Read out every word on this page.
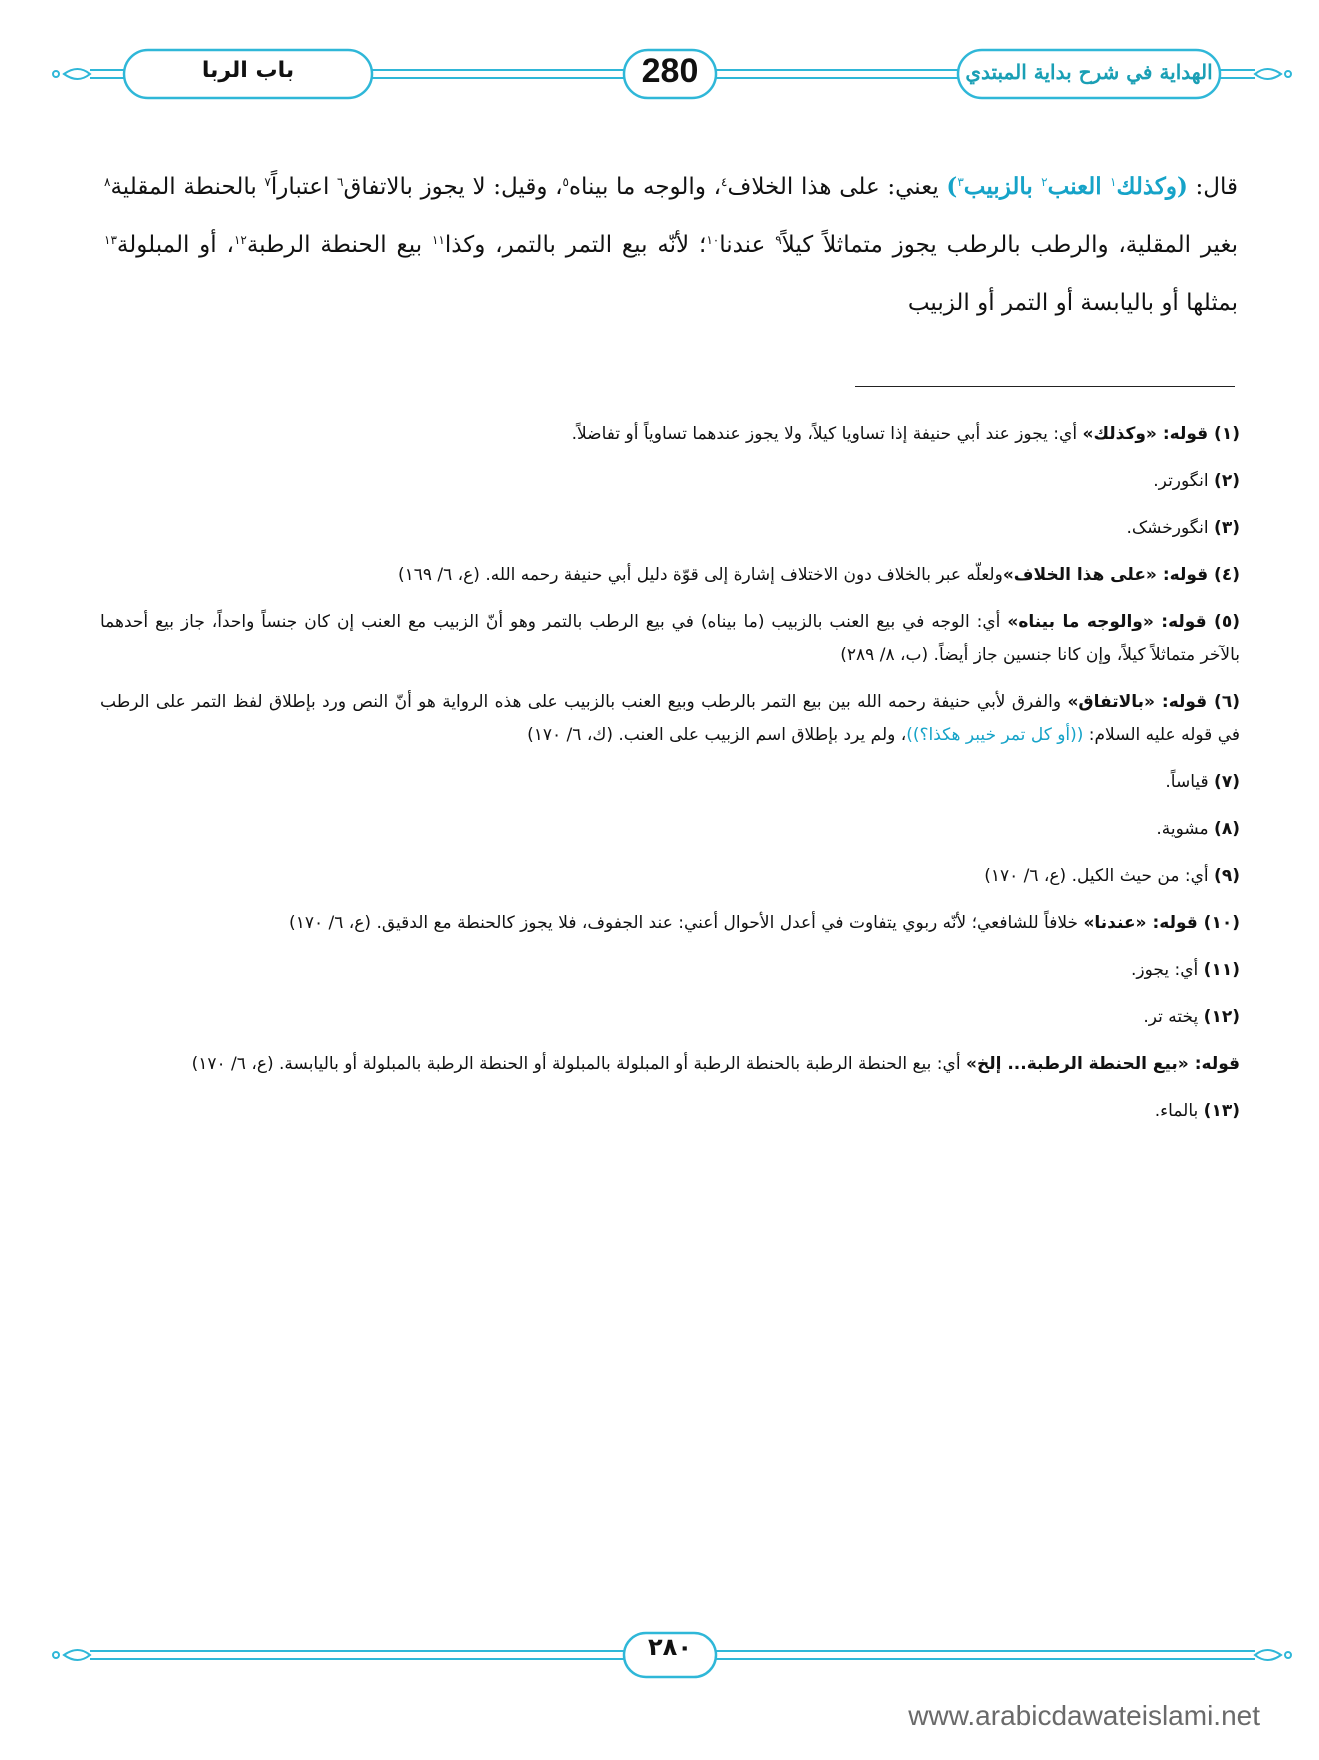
باب الربا	280	الهداية في شرح بداية المبتدي
قال: (وكذلك$^١$ العنب$^٢$ بالزبيب$^٣$) يعني: على هذا الخلاف$^٤$، والوجه ما بيناه$^٥$، وقيل: لا يجوز بالاتفاق$^٦$ اعتباراً$^٧$ بالحنطة المقلية$^٨$ بغير المقلية، والرطب بالرطب يجوز متماثلاً كيلاً$^٩$ عندنا$^{١٠}$؛ لأنّه بيع التمر بالتمر، وكذا$^{١١}$ بيع الحنطة الرطبة$^{١٢}$، أو المبلولة$^{١٣}$ بمثلها أو باليابسة أو التمر أو الزبيب
(١) قوله: «وكذلك» أي: يجوز عند أبي حنيفة إذا تساويا كيلاً، ولا يجوز عندهما تساوياً أو تفاضلاً.
(٢) انگورتر.
(٣) انگورخشک.
(٤) قوله: «على هذا الخلاف»ولعلّه عبر بالخلاف دون الاختلاف إشارة إلى قوّة دليل أبي حنيفة رحمه الله. (ع، ٦/ ١٦٩)
(٥) قوله: «والوجه ما بيناه» أي: الوجه في بيع العنب بالزبيب (ما بيناه) في بيع الرطب بالتمر وهو أنّ الزبيب مع العنب إن كان جنساً واحداً، جاز بيع أحدهما بالآخر متماثلاً كيلاً، وإن كانا جنسين جاز أيضاً. (ب، ٨/ ٢٨٩)
(٦) قوله: «بالاتفاق» والفرق لأبي حنيفة رحمه الله بين بيع التمر بالرطب وبيع العنب بالزبيب على هذه الرواية هو أنّ النص ورد بإطلاق لفظ التمر على الرطب في قوله عليه السلام: ((أو كل تمر خيبر هكذا؟))، ولم يرد بإطلاق اسم الزبيب على العنب. (ك، ٦/ ١٧٠)
(٧) قياساً.
(٨) مشوية.
(٩) أي: من حيث الكيل. (ع، ٦/ ١٧٠)
(١٠) قوله: «عندنا» خلافاً للشافعي؛ لأنّه ربوي يتفاوت في أعدل الأحوال أعني: عند الجفوف، فلا يجوز كالحنطة مع الدقيق. (ع، ٦/ ١٧٠)
(١١) أي: يجوز.
(١٢) پخته تر.
قوله: «بيع الحنطة الرطبة... إلخ» أي: بيع الحنطة الرطبة بالحنطة الرطبة أو المبلولة بالمبلولة أو الحنطة الرطبة بالمبلولة أو باليابسة. (ع، ٦/ ١٧٠)
(١٣) بالماء.
٢٨٠
www.arabicdawateislami.net
